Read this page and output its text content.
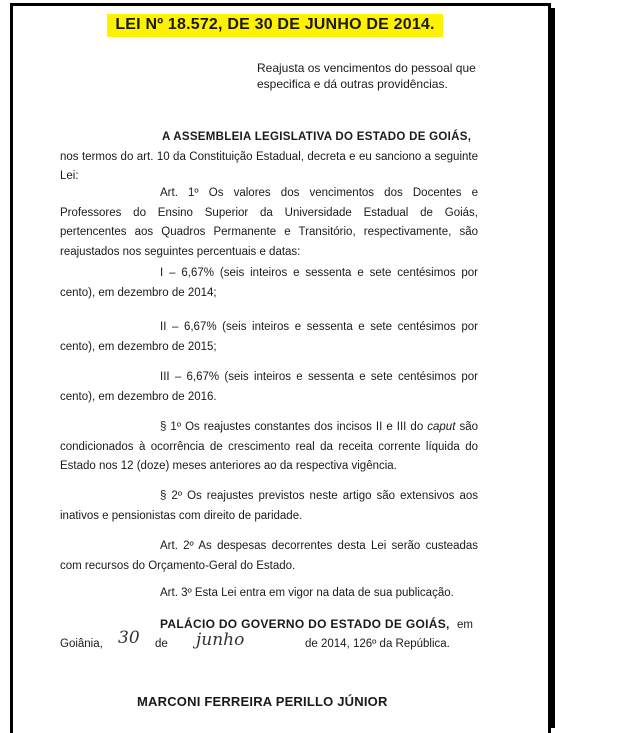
LEI Nº 18.572, DE 30 DE JUNHO DE 2014.
Reajusta os vencimentos do pessoal que especifica e dá outras providências.
A ASSEMBLEIA LEGISLATIVA DO ESTADO DE GOIÁS,
nos termos do art. 10 da Constituição Estadual, decreta e eu sanciono a seguinte Lei:
Art. 1º Os valores dos vencimentos dos Docentes e Professores do Ensino Superior da Universidade Estadual de Goiás, pertencentes aos Quadros Permanente e Transitório, respectivamente, são reajustados nos seguintes percentuais e datas:
I – 6,67% (seis inteiros e sessenta e sete centésimos por cento), em dezembro de 2014;
II – 6,67% (seis inteiros e sessenta e sete centésimos por cento), em dezembro de 2015;
III – 6,67% (seis inteiros e sessenta e sete centésimos por cento), em dezembro de 2016.
§ 1º Os reajustes constantes dos incisos II e III do caput são condicionados à ocorrência de crescimento real da receita corrente líquida do Estado nos 12 (doze) meses anteriores ao da respectiva vigência.
§ 2º Os reajustes previstos neste artigo são extensivos aos inativos e pensionistas com direito de paridade.
Art. 2º As despesas decorrentes desta Lei serão custeadas com recursos do Orçamento-Geral do Estado.
Art. 3º Esta Lei entra em vigor na data de sua publicação.
PALÁCIO DO GOVERNO DO ESTADO DE GOIÁS, em
Goiânia, 30 de junho	de 2014, 126º da República.
MARCONI FERREIRA PERILLO JÚNIOR
